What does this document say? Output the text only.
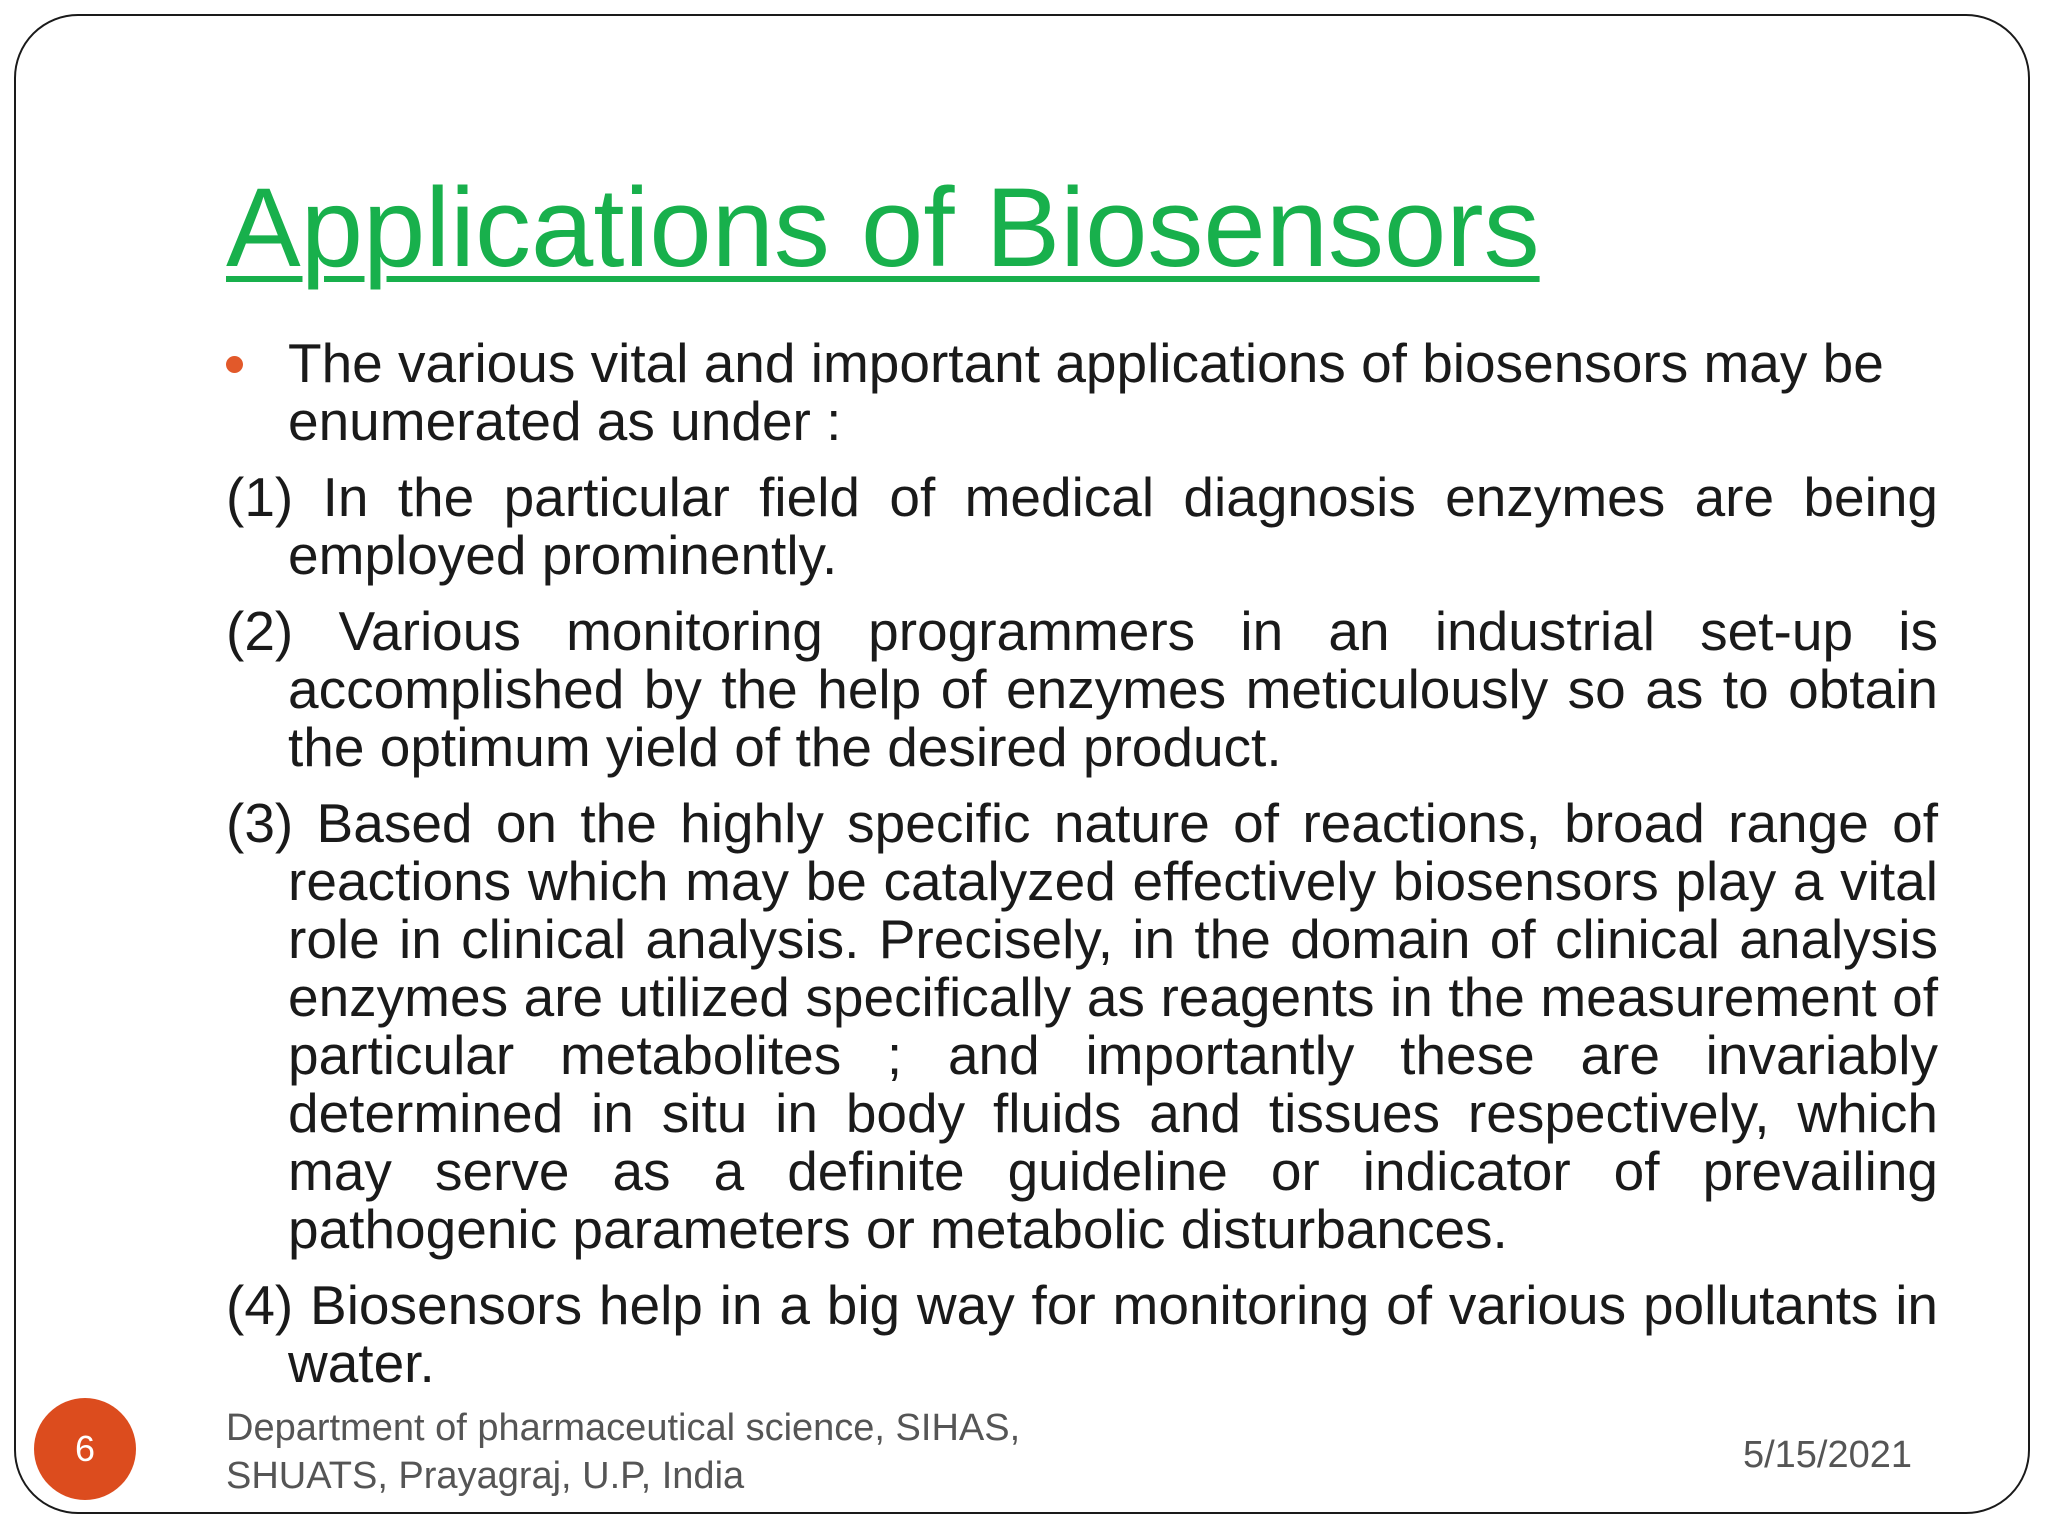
Applications of Biosensors

The various vital and important applications of biosensors may be enumerated as under :

(1) In the particular field of medical diagnosis enzymes are being employed prominently.

(2) Various monitoring programmers in an industrial set-up is accomplished by the help of enzymes meticulously so as to obtain the optimum yield of the desired product.

(3) Based on the highly specific nature of reactions, broad range of reactions which may be catalyzed effectively biosensors play a vital role in clinical analysis. Precisely, in the domain of clinical analysis enzymes are utilized specifically as reagents in the measurement of particular metabolites ; and importantly these are invariably determined in situ in body fluids and tissues respectively, which may serve as a definite guideline or indicator of prevailing pathogenic parameters or metabolic disturbances.

(4) Biosensors help in a big way for monitoring of various pollutants in water.

Department of pharmaceutical science, SIHAS,
SHUATS, Prayagraj, U.P, India	5/15/2021
6
